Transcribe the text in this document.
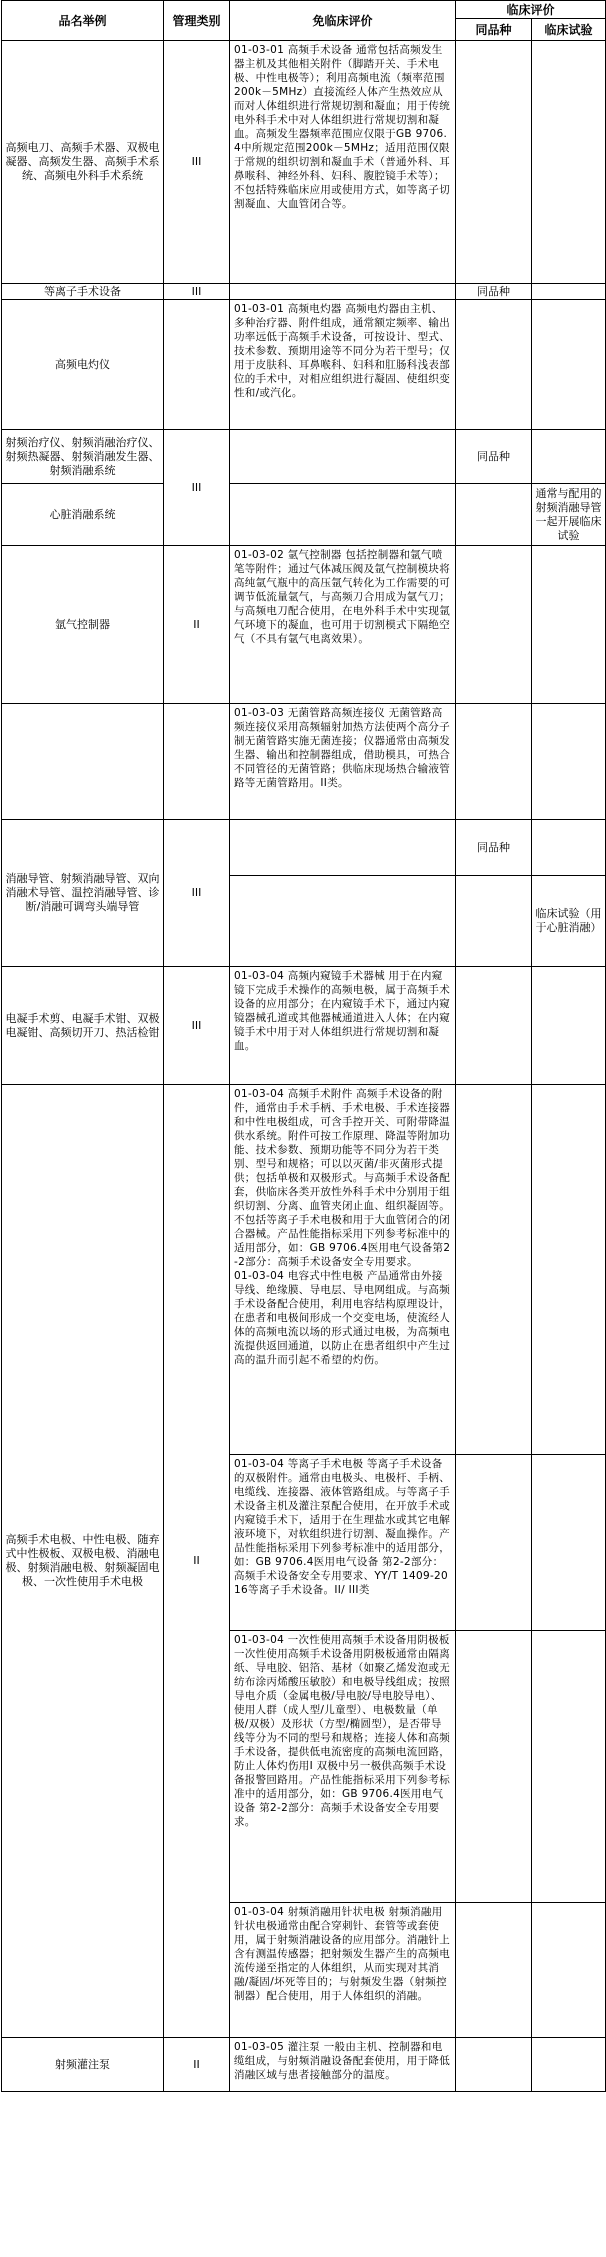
品名举例	管理类别	免临床评价	临床评价	
			同品种	临床试验
高频电刀、高频手术器、双极电凝器、高频发生器、高频手术系统、高频电外科手术系统	III	01-03-01 高频手术设备 通常包括高频发生器主机及其他相关附件（脚踏开关、手术电极、中性电极等）；利用高频电流（频率范围200k－5MHz）直接流经人体产生热效应从而对人体组织进行常规切割和凝血；用于传统电外科手术中对人体组织进行常规切割和凝血。高频发生器频率范围应仅限于GB 9706.4中所规定范围200k－5MHz；适用范围仅限于常规的组织切割和凝血手术（普通外科、耳鼻喉科、神经外科、妇科、腹腔镜手术等）；不包括特殊临床应用或使用方式，如等离子切割凝血、大血管闭合等。		

等离子手术设备	III		同品种	
高频电灼仪		01-03-01 高频电灼器 高频电灼器由主机、多种治疗器、附件组成，通常额定频率、输出功率远低于高频手术设备，可按设计、型式、技术参数、预期用途等不同分为若干型号；仅用于皮肤科、耳鼻喉科、妇科和肛肠科浅表部位的手术中，对相应组织进行凝固、使组织变性和/或汽化。		

射频治疗仪、射频消融治疗仪、射频热凝器、射频消融发生器、射频消融系统	III		同品种	
心脏消融系统				通常与配用的射频消融导管一起开展临床试验
氩气控制器	II	01-03-02 氩气控制器 包括控制器和氩气喷笔等附件；通过气体减压阀及氩气控制模块将高纯氩气瓶中的高压氩气转化为工作需要的可调节低流量氩气，与高频刀合用成为氩气刀；与高频电刀配合使用，在电外科手术中实现氩气环境下的凝血，也可用于切割模式下隔绝空气（不具有氩气电离效果）。		

		01-03-03 无菌管路高频连接仪 无菌管路高频连接仪采用高频辐射加热方法使两个高分子制无菌管路实施无菌连接；仪器通常由高频发生器、输出和控制器组成，借助模具，可热合不同管径的无菌管路；供临床现场热合输液管路等无菌管路用。II类。		

消融导管、射频消融导管、双向消融术导管、温控消融导管、诊断/消融可调弯头端导管	III		同品种	
				临床试验（用于心脏消融）
电凝手术剪、电凝手术钳、双极电凝钳、高频切开刀、热活检钳	III	01-03-04 高频内窥镜手术器械 用于在内窥镜下完成手术操作的高频电极，属于高频手术设备的应用部分；在内窥镜手术下，通过内窥镜器械孔道或其他器械通道进入人体；在内窥镜手术中用于对人体组织进行常规切割和凝血。		

高频手术电极、中性电极、随弃式中性极板、双极电极、消融电极、射频消融电极、射频凝固电极、一次性使用手术电极	II	01-03-04 高频手术附件 高频手术设备的附件，通常由手术手柄、手术电极、手术连接器和中性电极组成，可含手控开关、可附带降温供水系统。附件可按工作原理、降温等附加功能、技术参数、预期功能等不同分为若干类别、型号和规格；可以以灭菌/非灭菌形式提供；包括单极和双极形式。与高频手术设备配套，供临床各类开放性外科手术中分别用于组织切割、分离、血管夹闭止血、组织凝固等。不包括等离子手术电极和用于大血管闭合的闭合器械。产品性能指标采用下列参考标准中的适用部分，如：GB 9706.4医用电气设备第2-2部分：高频手术设备安全专用要求。
01-03-04 电容式中性电极 产品通常由外接导线、绝缘膜、导电层、导电网组成。与高频手术设备配合使用，利用电容结构原理设计，在患者和电极间形成一个交变电场，使流经人体的高频电流以场的形式通过电极，为高频电流提供返回通道，以防止在患者组织中产生过高的温升而引起不希望的灼伤。		

		01-03-04 等离子手术电极 等离子手术设备的双极附件。通常由电极头、电极杆、手柄、电缆线、连接器、液体管路组成。与等离子手术设备主机及灌注泵配合使用，在开放手术或内窥镜手术下，适用于在生理盐水或其它电解液环境下，对软组织进行切割、凝血操作。产品性能指标采用下列参考标准中的适用部分，如：GB 9706.4医用电气设备 第2-2部分：高频手术设备安全专用要求、YY/T 1409-2016等离子手术设备。II/ III类		

		01-03-04 一次性使用高频手术设备用阴极板 一次性使用高频手术设备用阴极板通常由隔离纸、导电胶、铝箔、基材（如聚乙烯发泡或无纺布涂丙烯酸压敏胶）和电极导线组成；按照导电介质（金属电极/导电胶/导电胶导电）、使用人群（成人型/儿童型）、电极数量（单极/双极）及形状（方型/椭圆型），是否带导线等分为不同的型号和规格；连接人体和高频手术设备，提供低电流密度的高频电流回路，防止人体灼伤用I 双极中另一极供高频手术设备报警回路用。产品性能指标采用下列参考标准中的适用部分，如：GB 9706.4医用电气设备 第2-2部分：高频手术设备安全专用要求。		

		01-03-04 射频消融用针状电极 射频消融用针状电极通常由配合穿刺针、套管等或套使用，属于射频消融设备的应用部分。消融针上含有测温传感器；把射频发生器产生的高频电流传递至指定的人体组织，从而实现对其消融/凝固/坏死等目的；与射频发生器（射频控制器）配合使用，用于人体组织的消融。		

射频灌注泵	II	01-03-05 灌注泵 一般由主机、控制器和电缆组成，与射频消融设备配套使用，用于降低消融区域与患者接触部分的温度。		
